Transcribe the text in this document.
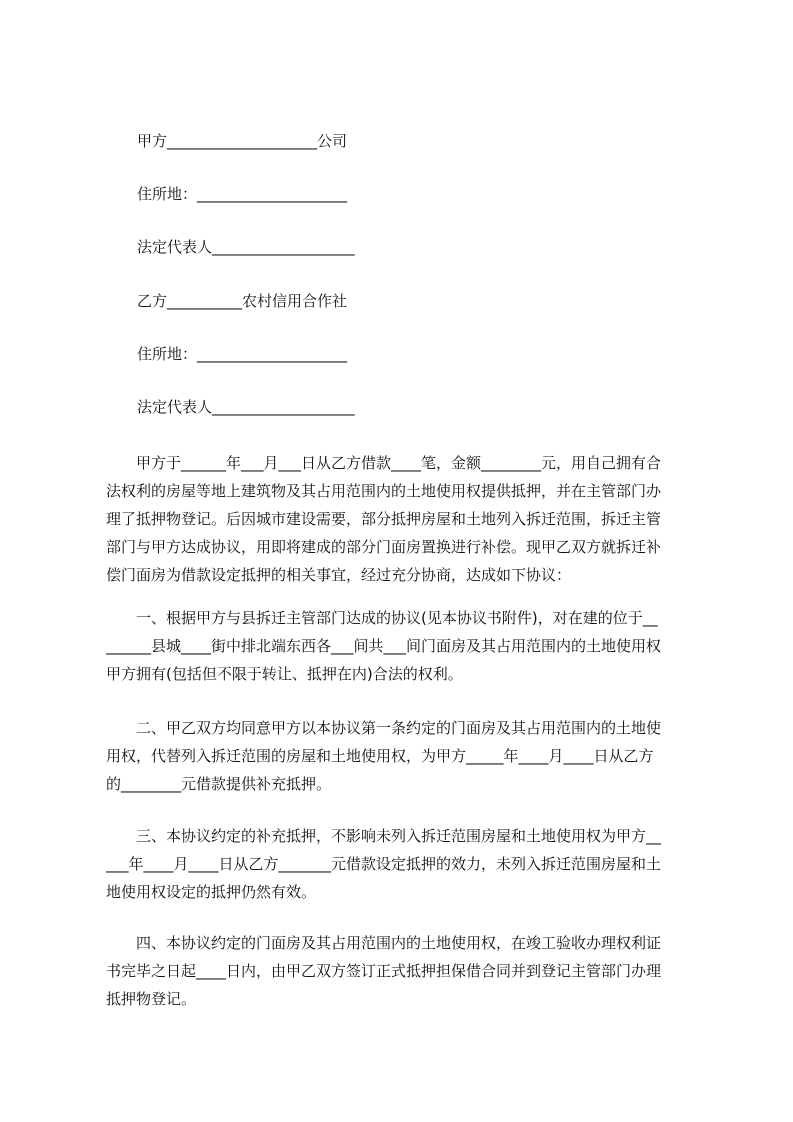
甲方____________________公司
住所地：____________________
法定代表人___________________
乙方__________农村信用合作社
住所地：____________________
法定代表人___________________
　　甲方于______年___月___日从乙方借款____笔，金额________元，用自己拥有合
法权利的房屋等地上建筑物及其占用范围内的土地使用权提供抵押，并在主管部门办
理了抵押物登记。后因城市建设需要，部分抵押房屋和土地列入拆迁范围，拆迁主管
部门与甲方达成协议，用即将建成的部分门面房置换进行补偿。现甲乙双方就拆迁补
偿门面房为借款设定抵押的相关事宜，经过充分协商，达成如下协议：
　　一、根据甲方与县拆迁主管部门达成的协议(见本协议书附件)，对在建的位于__
______县城____街中排北端东西各___间共___间门面房及其占用范围内的土地使用权
甲方拥有(包括但不限于转让、抵押在内)合法的权利。
　　二、甲乙双方均同意甲方以本协议第一条约定的门面房及其占用范围内的土地使
用权，代替列入拆迁范围的房屋和土地使用权，为甲方_____年____月____日从乙方
的________元借款提供补充抵押。
　　三、本协议约定的补充抵押，不影响未列入拆迁范围房屋和土地使用权为甲方__
___年____月____日从乙方_______元借款设定抵押的效力，未列入拆迁范围房屋和土
地使用权设定的抵押仍然有效。
　　四、本协议约定的门面房及其占用范围内的土地使用权，在竣工验收办理权利证
书完毕之日起____日内，由甲乙双方签订正式抵押担保借合同并到登记主管部门办理
抵押物登记。
